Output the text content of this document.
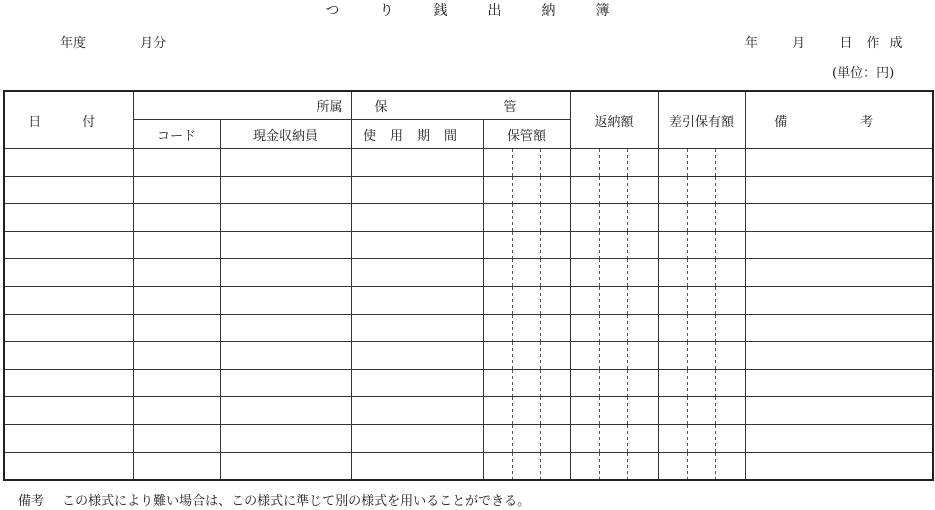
つり銭出納簿
年度	月分	年 月 日 作成
(単位：円)
日　付	所属		保　　管		返納額	差引保有額	備　考
	コード	現金収納員	使用期間	保管額			

備考 この様式により難い場合は、この様式に準じて別の様式を用いることができる。
